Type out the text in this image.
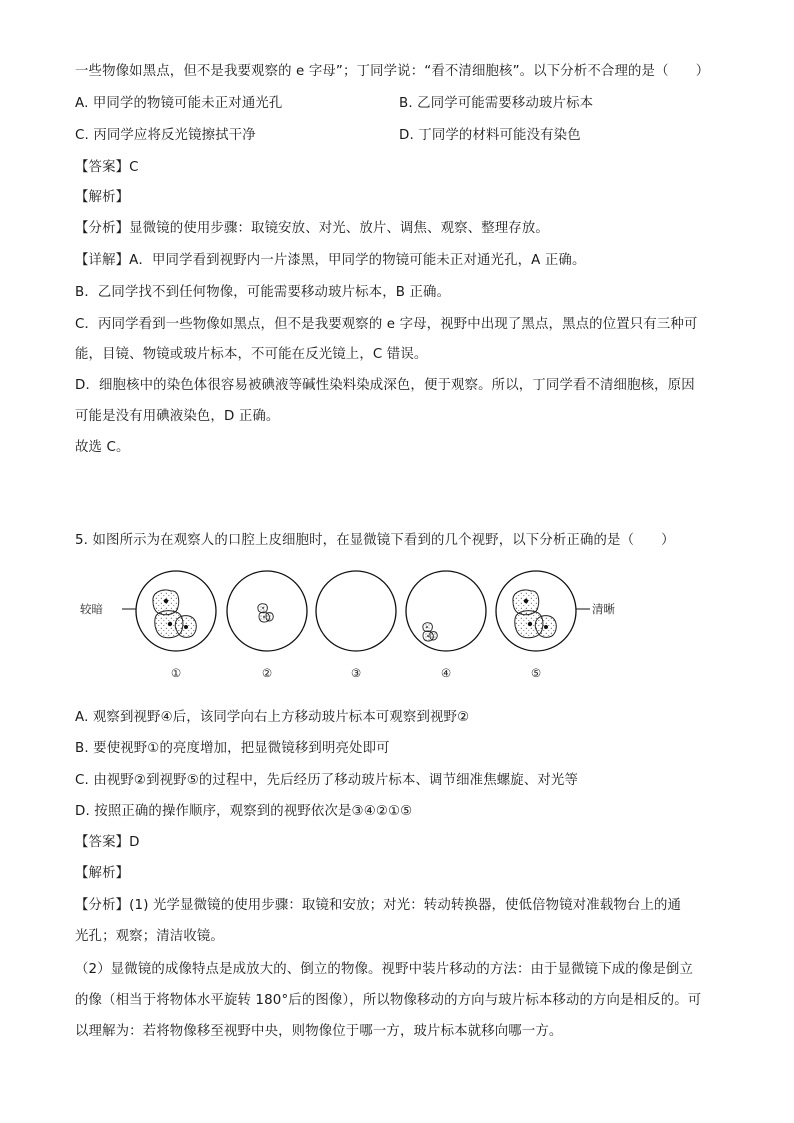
一些物像如黑点，但不是我要观察的 e 字母”；丁同学说：“看不清细胞核”。以下分析不合理的是（　　）
A. 甲同学的物镜可能未正对通光孔	B. 乙同学可能需要移动玻片标本
C. 丙同学应将反光镜擦拭干净	D. 丁同学的材料可能没有染色
【答案】C
【解析】
【分析】显微镜的使用步骤：取镜安放、对光、放片、调焦、观察、整理存放。
【详解】A．甲同学看到视野内一片漆黑，甲同学的物镜可能未正对通光孔，A 正确。
B．乙同学找不到任何物像，可能需要移动玻片标本，B 正确。
C．丙同学看到一些物像如黑点，但不是我要观察的 e 字母，视野中出现了黑点，黑点的位置只有三种可
能，目镜、物镜或玻片标本，不可能在反光镜上，C 错误。
D．细胞核中的染色体很容易被碘液等碱性染料染成深色，便于观察。所以，丁同学看不清细胞核，原因
可能是没有用碘液染色，D 正确。
故选 C。
5. 如图所示为在观察人的口腔上皮细胞时，在显微镜下看到的几个视野，以下分析正确的是（　　）
较暗	清晰
①	②	③	④	⑤
A. 观察到视野④后，该同学向右上方移动玻片标本可观察到视野②
B. 要使视野①的亮度增加，把显微镜移到明亮处即可
C. 由视野②到视野⑤的过程中，先后经历了移动玻片标本、调节细准焦螺旋、对光等
D. 按照正确的操作顺序，观察到的视野依次是③④②①⑤
【答案】D
【解析】
【分析】(1) 光学显微镜的使用步骤：取镜和安放；对光：转动转换器，使低倍物镜对准载物台上的通
光孔；观察；清洁收镜。
（2）显微镜的成像特点是成放大的、倒立的物像。视野中装片移动的方法：由于显微镜下成的像是倒立
的像（相当于将物体水平旋转 180°后的图像），所以物像移动的方向与玻片标本移动的方向是相反的。可
以理解为：若将物像移至视野中央，则物像位于哪一方，玻片标本就移向哪一方。
